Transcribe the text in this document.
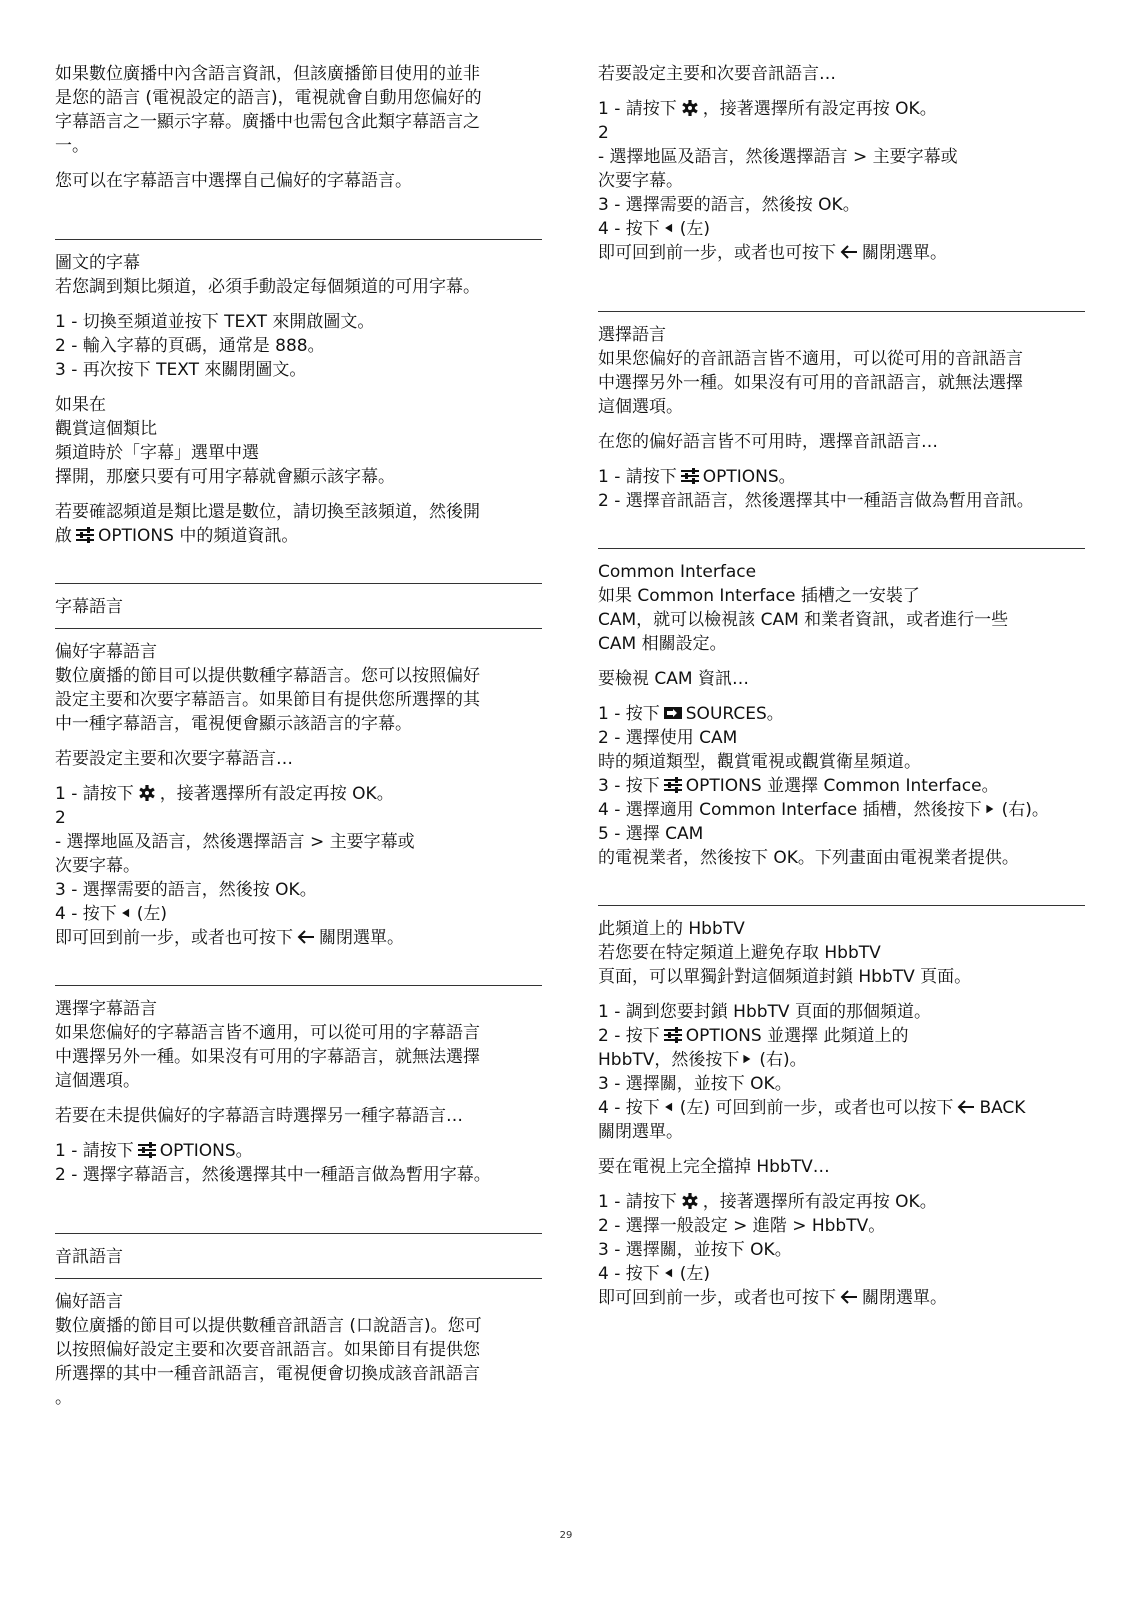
如果數位廣播中內含語言資訊，但該廣播節目使用的並非
是您的語言 (電視設定的語言)，電視就會自動用您偏好的
字幕語言之一顯示字幕。廣播中也需包含此類字幕語言之
一。
您可以在字幕語言中選擇自己偏好的字幕語言。

圖文的字幕

若您調到類比頻道，必須手動設定每個頻道的可用字幕。

1 - 切換至頻道並按下 TEXT 來開啟圖文。
2 - 輸入字幕的頁碼，通常是 888。
3 - 再次按下 TEXT 來關閉圖文。
如果在
觀賞這個類比
頻道時於「字幕」選單中選
擇開，那麼只要有可用字幕就會顯示該字幕。
若要確認頻道是類比還是數位，請切換至該頻道，然後開
啟 OPTIONS 中的頻道資訊。

字幕語言

偏好字幕語言

數位廣播的節目可以提供數種字幕語言。您可以按照偏好
設定主要和次要字幕語言。如果節目有提供您所選擇的其
中一種字幕語言，電視便會顯示該語言的字幕。

若要設定主要和次要字幕語言…

1 - 請按下 ，接著選擇所有設定再按 OK。
2
- 選擇地區及語言，然後選擇語言 > 主要字幕或
次要字幕。
3 - 選擇需要的語言，然後按 OK。
4 - 按下 (左)
即可回到前一步，或者也可按下 關閉選單。

選擇字幕語言

如果您偏好的字幕語言皆不適用，可以從可用的字幕語言
中選擇另外一種。如果沒有可用的字幕語言，就無法選擇
這個選項。

若要在未提供偏好的字幕語言時選擇另一種字幕語言…

1 - 請按下 OPTIONS。
2 - 選擇字幕語言，然後選擇其中一種語言做為暫用字幕。

音訊語言

偏好語言

數位廣播的節目可以提供數種音訊語言 (口說語言)。您可
以按照偏好設定主要和次要音訊語言。如果節目有提供您
所選擇的其中一種音訊語言，電視便會切換成該音訊語言
。

若要設定主要和次要音訊語言…

1 - 請按下 ，接著選擇所有設定再按 OK。
2
- 選擇地區及語言，然後選擇語言 > 主要字幕或
次要字幕。
3 - 選擇需要的語言，然後按 OK。
4 - 按下 (左)
即可回到前一步，或者也可按下 關閉選單。

選擇語言

如果您偏好的音訊語言皆不適用，可以從可用的音訊語言
中選擇另外一種。如果沒有可用的音訊語言，就無法選擇
這個選項。

在您的偏好語言皆不可用時，選擇音訊語言…

1 - 請按下 OPTIONS。
2 - 選擇音訊語言，然後選擇其中一種語言做為暫用音訊。

Common Interface

如果 Common Interface 插槽之一安裝了
CAM，就可以檢視該 CAM 和業者資訊，或者進行一些
CAM 相關設定。

要檢視 CAM 資訊…

1 - 按下 SOURCES。
2 - 選擇使用 CAM
時的頻道類型，觀賞電視或觀賞衛星頻道。
3 - 按下 OPTIONS 並選擇 Common Interface。
4 - 選擇適用 Common Interface 插槽，然後按下 (右)。
5 - 選擇 CAM
的電視業者，然後按下 OK。下列畫面由電視業者提供。

此頻道上的 HbbTV

若您要在特定頻道上避免存取 HbbTV
頁面，可以單獨針對這個頻道封鎖 HbbTV 頁面。
1 - 調到您要封鎖 HbbTV 頁面的那個頻道。
2 - 按下 OPTIONS 並選擇 此頻道上的
HbbTV，然後按下 (右)。
3 - 選擇關，並按下 OK。
4 - 按下 (左) 可回到前一步，或者也可以按下 BACK
關閉選單。

要在電視上完全擋掉 HbbTV…

1 - 請按下 ，接著選擇所有設定再按 OK。
2 - 選擇一般設定 > 進階 > HbbTV。
3 - 選擇關，並按下 OK。
4 - 按下 (左)
即可回到前一步，或者也可按下 關閉選單。
29
